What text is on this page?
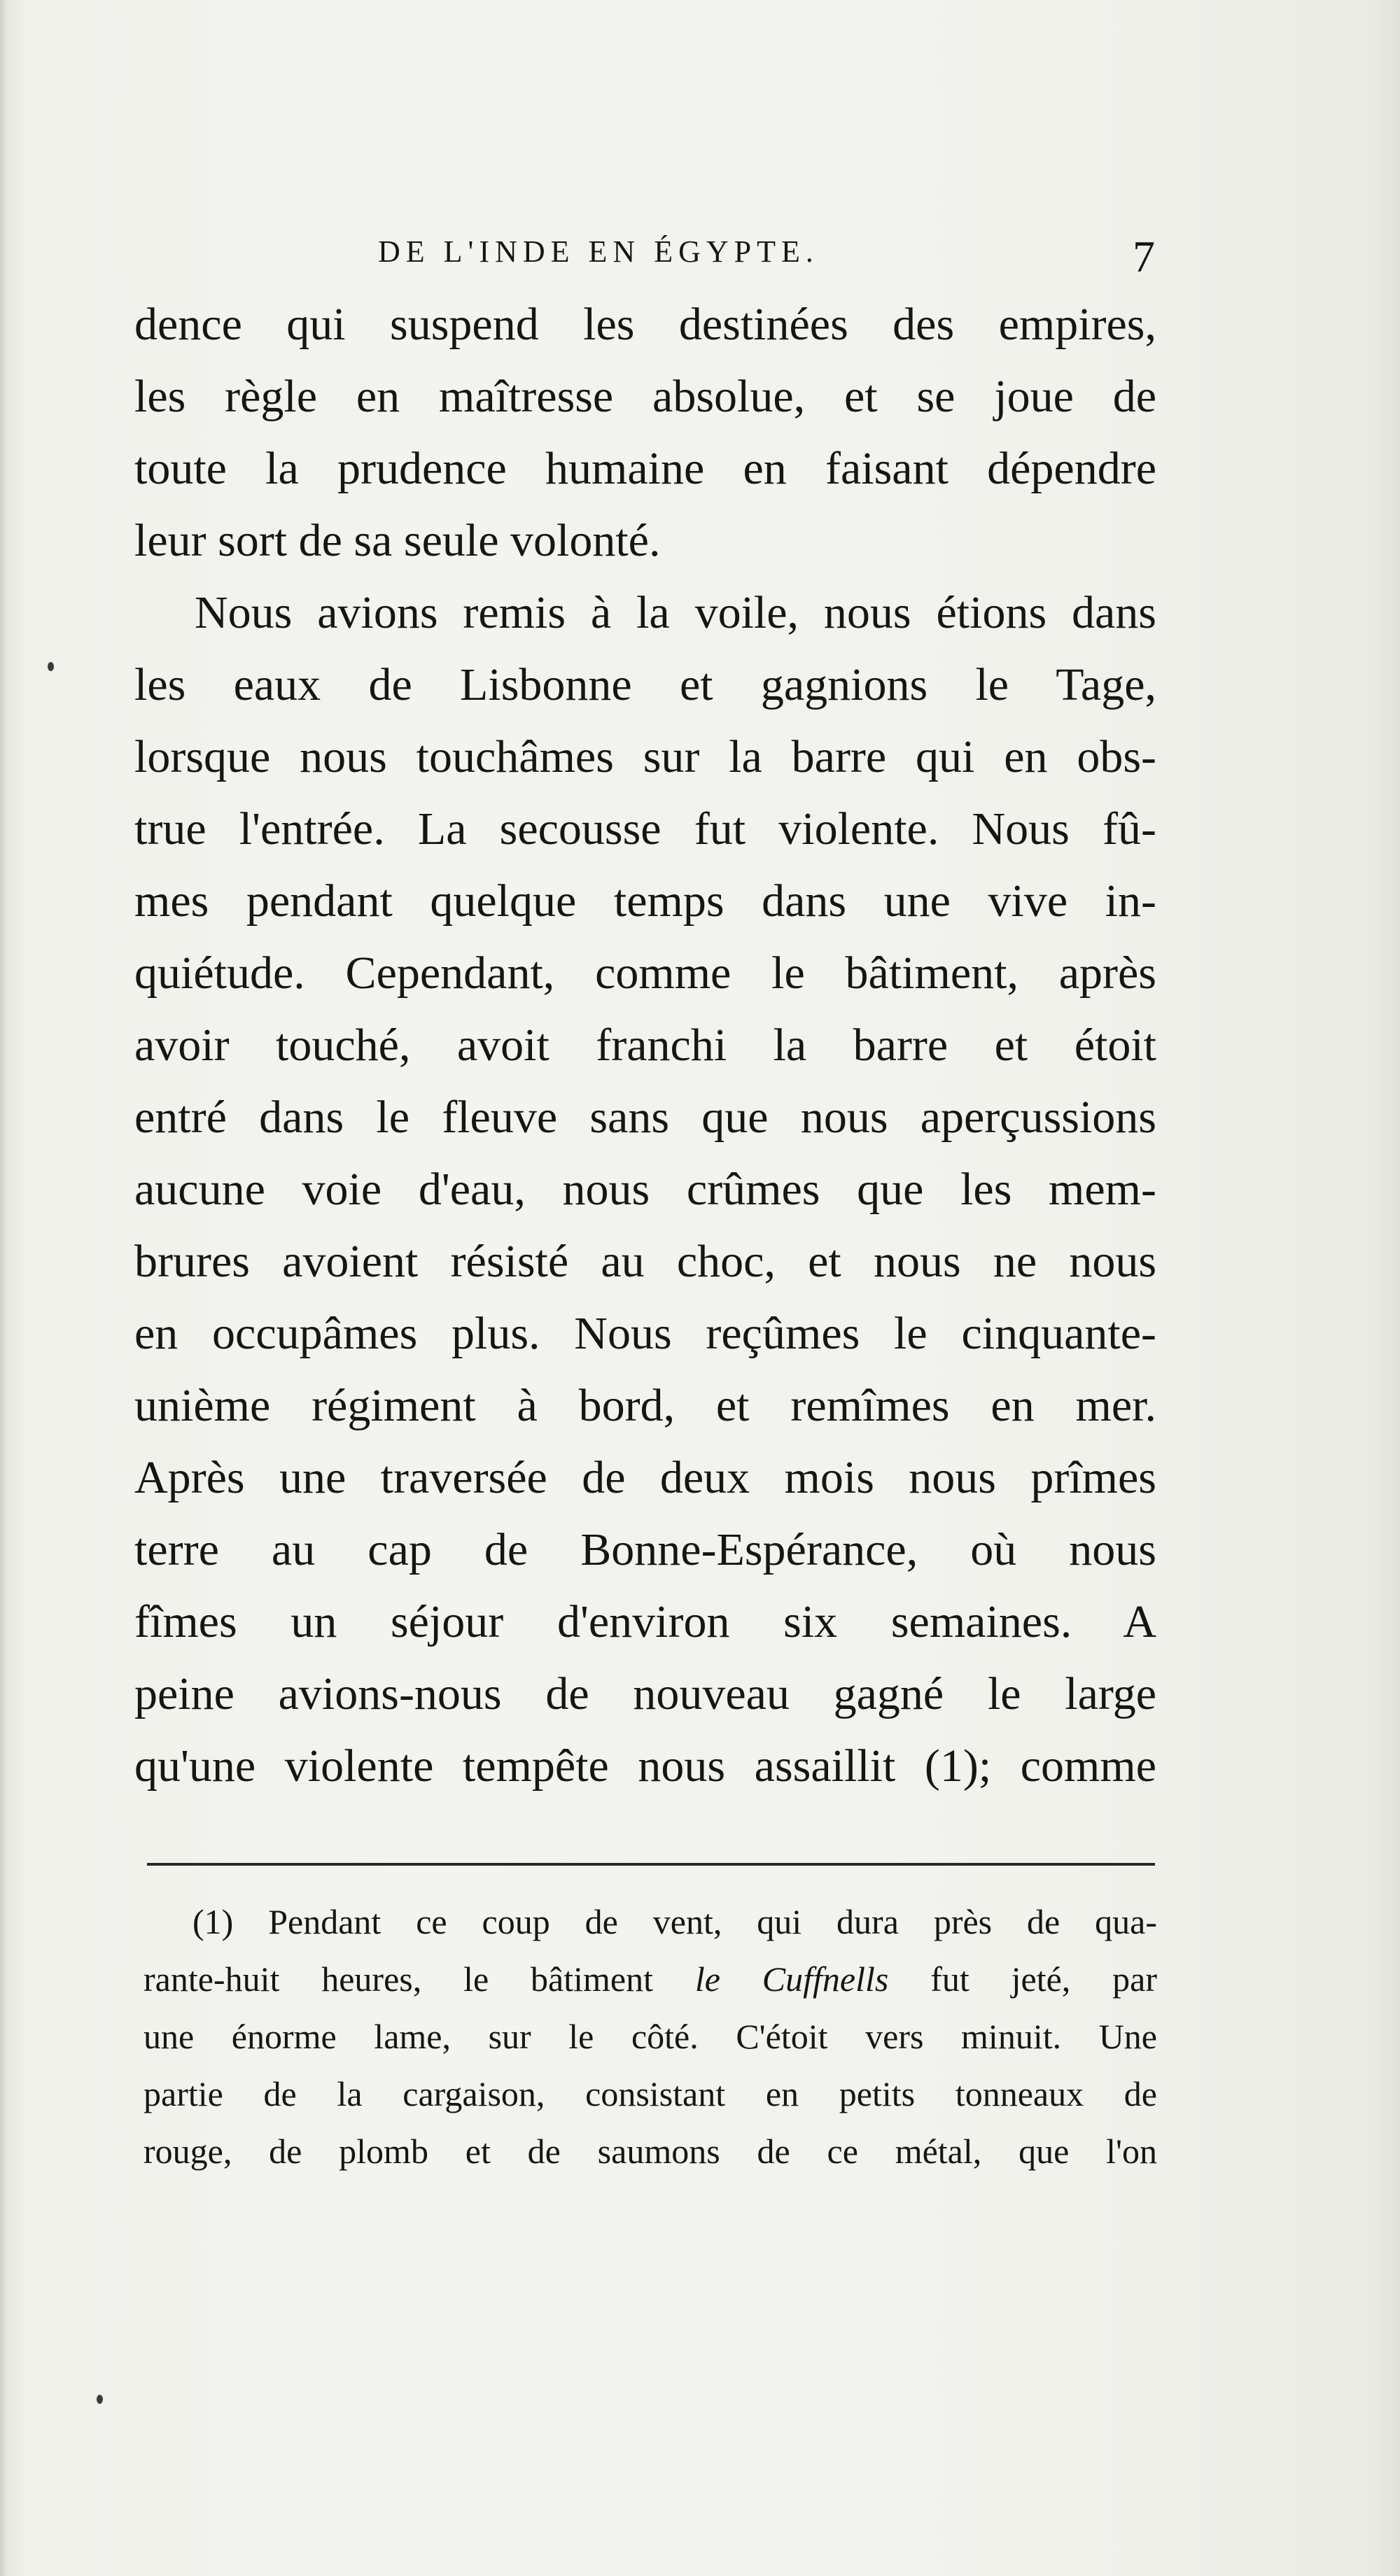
DE L'INDE EN ÉGYPTE.	7
dence qui suspend les destinées des empires,
les règle en maîtresse absolue, et se joue de
toute la prudence humaine en faisant dépendre
leur sort de sa seule volonté.
Nous avions remis à la voile, nous étions dans
les eaux de Lisbonne et gagnions le Tage,
lorsque nous touchâmes sur la barre qui en obs-
true l'entrée. La secousse fut violente. Nous fû-
mes pendant quelque temps dans une vive in-
quiétude. Cependant, comme le bâtiment, après
avoir touché, avoit franchi la barre et étoit
entré dans le fleuve sans que nous aperçussions
aucune voie d'eau, nous crûmes que les mem-
brures avoient résisté au choc, et nous ne nous
en occupâmes plus. Nous reçûmes le cinquante-
unième régiment à bord, et remîmes en mer.
Après une traversée de deux mois nous prîmes
terre au cap de Bonne-Espérance, où nous
fîmes un séjour d'environ six semaines. A
peine avions-nous de nouveau gagné le large
qu'une violente tempête nous assaillit (1); comme
(1) Pendant ce coup de vent, qui dura près de qua-
rante-huit heures, le bâtiment le Cuffnells fut jeté, par
une énorme lame, sur le côté. C'étoit vers minuit. Une
partie de la cargaison, consistant en petits tonneaux de
rouge, de plomb et de saumons de ce métal, que l'on
